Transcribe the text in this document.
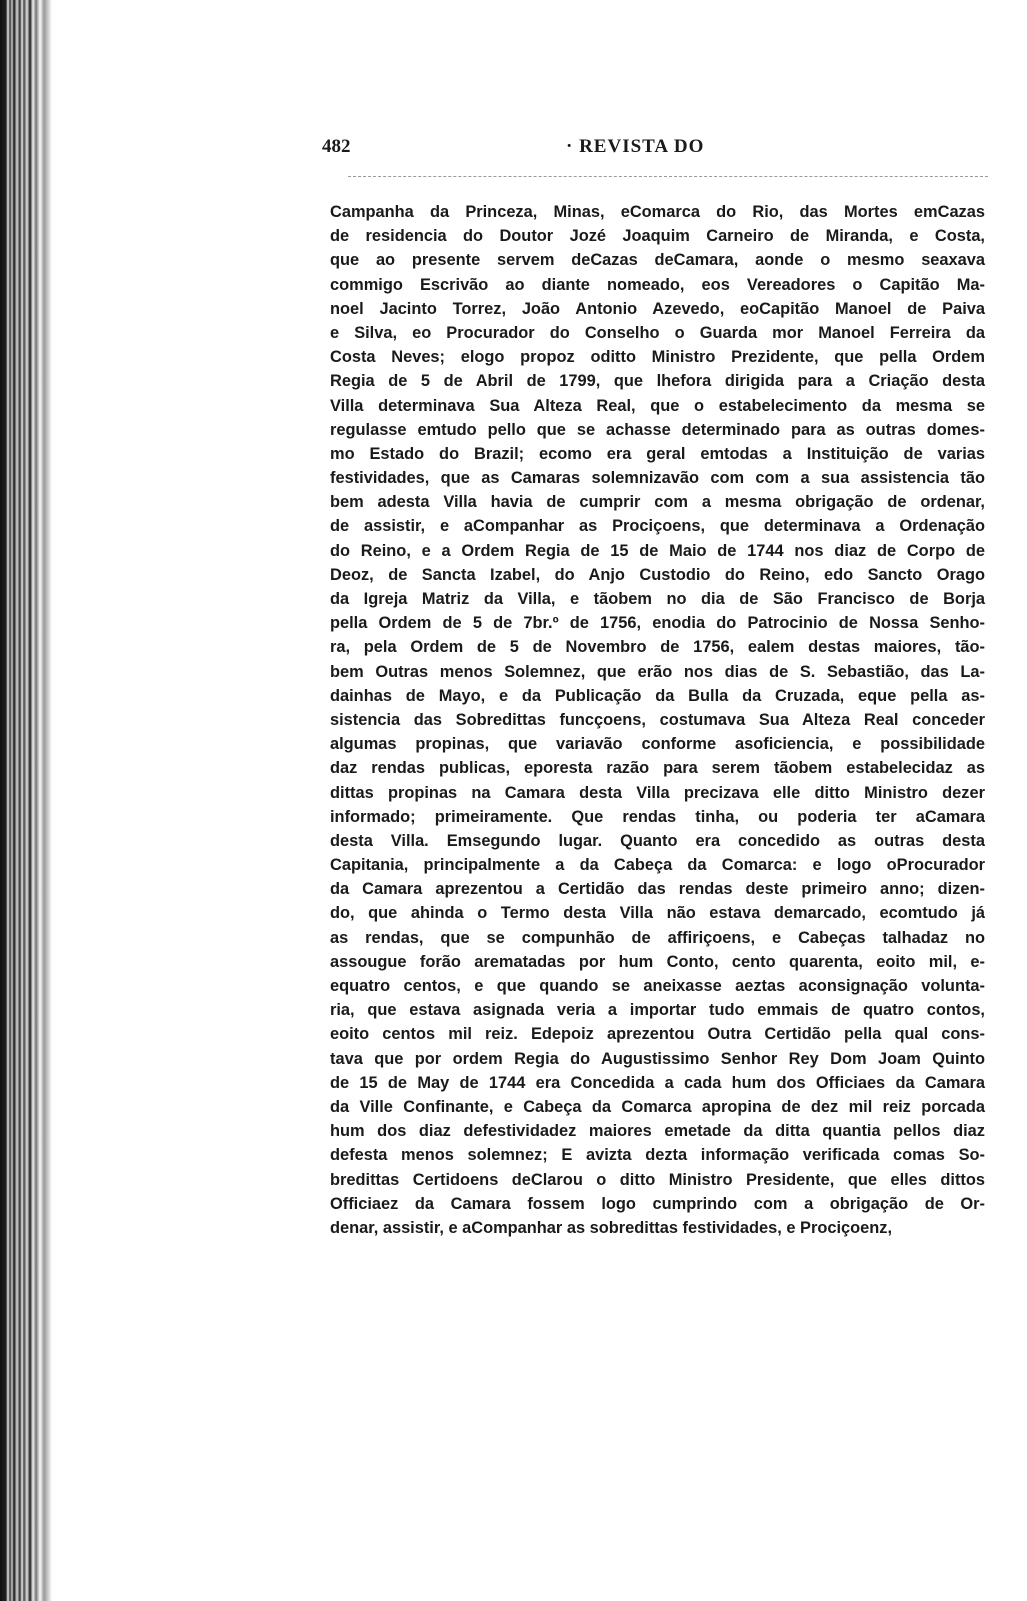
482	· REVISTA DO
Campanha da Princeza, Minas, eComarca do Rio, das Mortes emCazas
de residencia do Doutor Jozé Joaquim Carneiro de Miranda, e Costa,
que ao presente servem deCazas deCamara, aonde o mesmo seaxava
commigo Escrivão ao diante nomeado, eos Vereadores o Capitão Ma-
noel Jacinto Torrez, João Antonio Azevedo, eoCapitão Manoel de Paiva
e Silva, eo Procurador do Conselho o Guarda mor Manoel Ferreira da
Costa Neves; elogo propoz oditto Ministro Prezidente, que pella Ordem
Regia de 5 de Abril de 1799, que lhefora dirigida para a Criação desta
Villa determinava Sua Alteza Real, que o estabelecimento da mesma se
regulasse emtudo pello que se achasse determinado para as outras domes-
mo Estado do Brazil; ecomo era geral emtodas a Instituição de varias
festividades, que as Camaras solemnizavão com com a sua assistencia tão
bem adesta Villa havia de cumprir com a mesma obrigação de ordenar,
de assistir, e aCompanhar as Prociçoens, que determinava a Ordenação
do Reino, e a Ordem Regia de 15 de Maio de 1744 nos diaz de Corpo de
Deoz, de Sancta Izabel, do Anjo Custodio do Reino, edo Sancto Orago
da Igreja Matriz da Villa, e tãobem no dia de São Francisco de Borja
pella Ordem de 5 de 7br.º de 1756, enodia do Patrocinio de Nossa Senho-
ra, pela Ordem de 5 de Novembro de 1756, ealem destas maiores, tão-
bem Outras menos Solemnez, que erão nos dias de S. Sebastião, das La-
dainhas de Mayo, e da Publicação da Bulla da Cruzada, eque pella as-
sistencia das Sobredittas funcçoens, costumava Sua Alteza Real conceder
algumas propinas, que variavão conforme asoficiencia, e possibilidade
daz rendas publicas, eporesta razão para serem tãobem estabelecidaz as
dittas propinas na Camara desta Villa precizava elle ditto Ministro dezer
informado; primeiramente. Que rendas tinha, ou poderia ter aCamara
desta Villa. Emsegundo lugar. Quanto era concedido as outras desta
Capitania, principalmente a da Cabeça da Comarca: e logo oProcurador
da Camara aprezentou a Certidão das rendas deste primeiro anno; dizen-
do, que ahinda o Termo desta Villa não estava demarcado, ecomtudo já
as rendas, que se compunhão de affiriçoens, e Cabeças talhadaz no
assougue forão arematadas por hum Conto, cento quarenta, eoito mil, e-
equatro centos, e que quando se aneixasse aeztas aconsignação volunta-
ria, que estava asignada veria a importar tudo emmais de quatro contos,
eoito centos mil reiz. Edepoiz aprezentou Outra Certidão pella qual cons-
tava que por ordem Regia do Augustissimo Senhor Rey Dom Joam Quinto
de 15 de May de 1744 era Concedida a cada hum dos Officiaes da Camara
da Ville Confinante, e Cabeça da Comarca apropina de dez mil reiz porcada
hum dos diaz defestividadez maiores emetade da ditta quantia pellos diaz
defesta menos solemnez; E avizta dezta informação verificada comas So-
bredittas Certidoens deClarou o ditto Ministro Presidente, que elles dittos
Officiaez da Camara fossem logo cumprindo com a obrigação de Or-
denar, assistir, e aCompanhar as sobredittas festividades, e Prociçoenz,
